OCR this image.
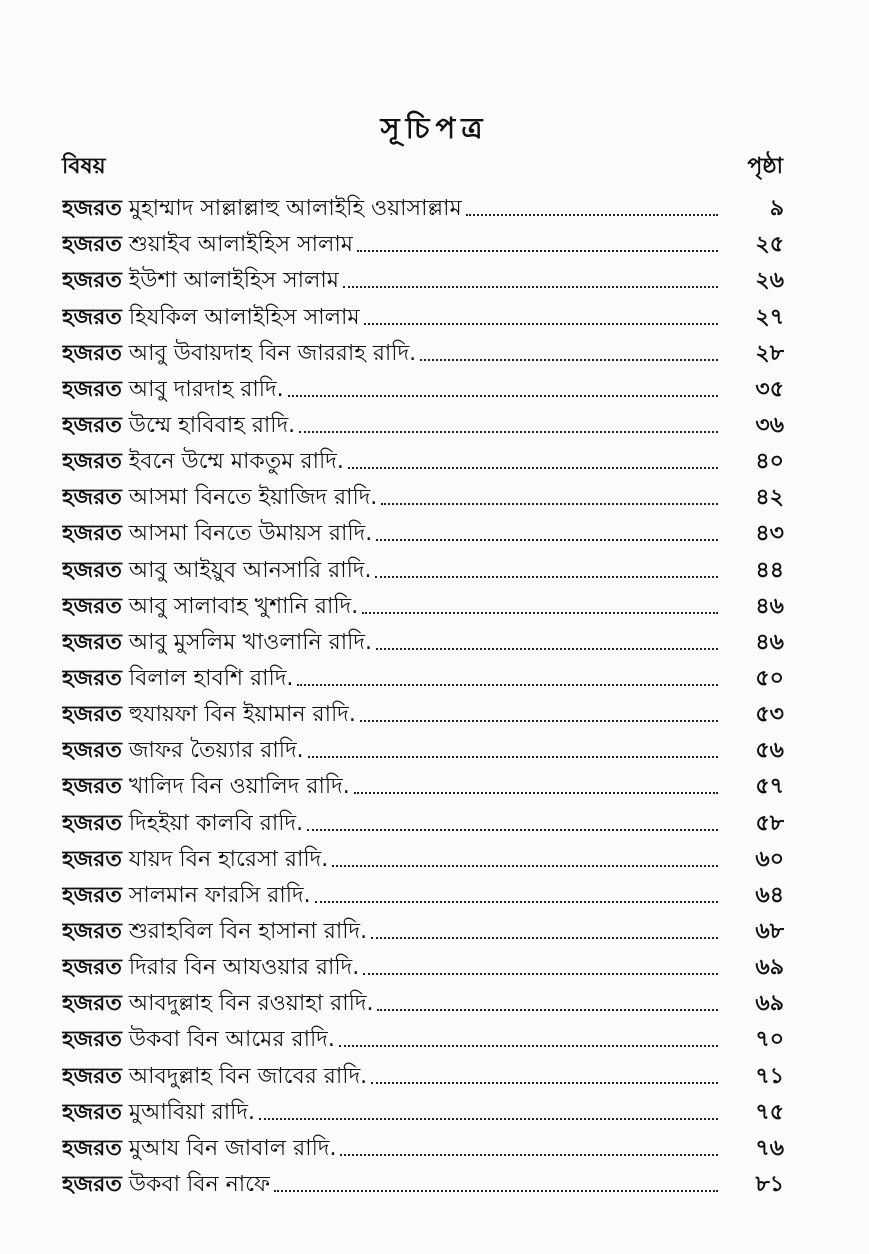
সূচিপত্র
বিষয়	পৃষ্ঠা
হজরত মুহাম্মাদ সাল্লাল্লাহু আলাইহি ওয়াসাল্লাম	৯
হজরত শুয়াইব আলাইহিস সালাম	২৫
হজরত ইউশা আলাইহিস সালাম	২৬
হজরত হিযকিল আলাইহিস সালাম	২৭
হজরত আবু উবায়দাহ বিন জাররাহ রাদি.	২৮
হজরত আবু দারদাহ রাদি.	৩৫
হজরত উম্মে হাবিবাহ রাদি.	৩৬
হজরত ইবনে উম্মে মাকতুম রাদি.	৪০
হজরত আসমা বিনতে ইয়াজিদ রাদি.	৪২
হজরত আসমা বিনতে উমায়স রাদি.	৪৩
হজরত আবু আইয়ুব আনসারি রাদি.	৪৪
হজরত আবু সালাবাহ খুশানি রাদি.	৪৬
হজরত আবু মুসলিম খাওলানি রাদি.	৪৬
হজরত বিলাল হাবশি রাদি.	৫০
হজরত হুযায়ফা বিন ইয়ামান রাদি.	৫৩
হজরত জাফর তৈয়্যার রাদি.	৫৬
হজরত খালিদ বিন ওয়ালিদ রাদি.	৫৭
হজরত দিহইয়া কালবি রাদি.	৫৮
হজরত যায়দ বিন হারেসা রাদি.	৬০
হজরত সালমান ফারসি রাদি.	৬৪
হজরত শুরাহবিল বিন হাসানা রাদি.	৬৮
হজরত দিরার বিন আযওয়ার রাদি.	৬৯
হজরত আবদুল্লাহ বিন রওয়াহা রাদি.	৬৯
হজরত উকবা বিন আমের রাদি.	৭০
হজরত আবদুল্লাহ বিন জাবের রাদি.	৭১
হজরত মুআবিয়া রাদি.	৭৫
হজরত মুআয বিন জাবাল রাদি.	৭৬
হজরত উকবা বিন নাফে	৮১
